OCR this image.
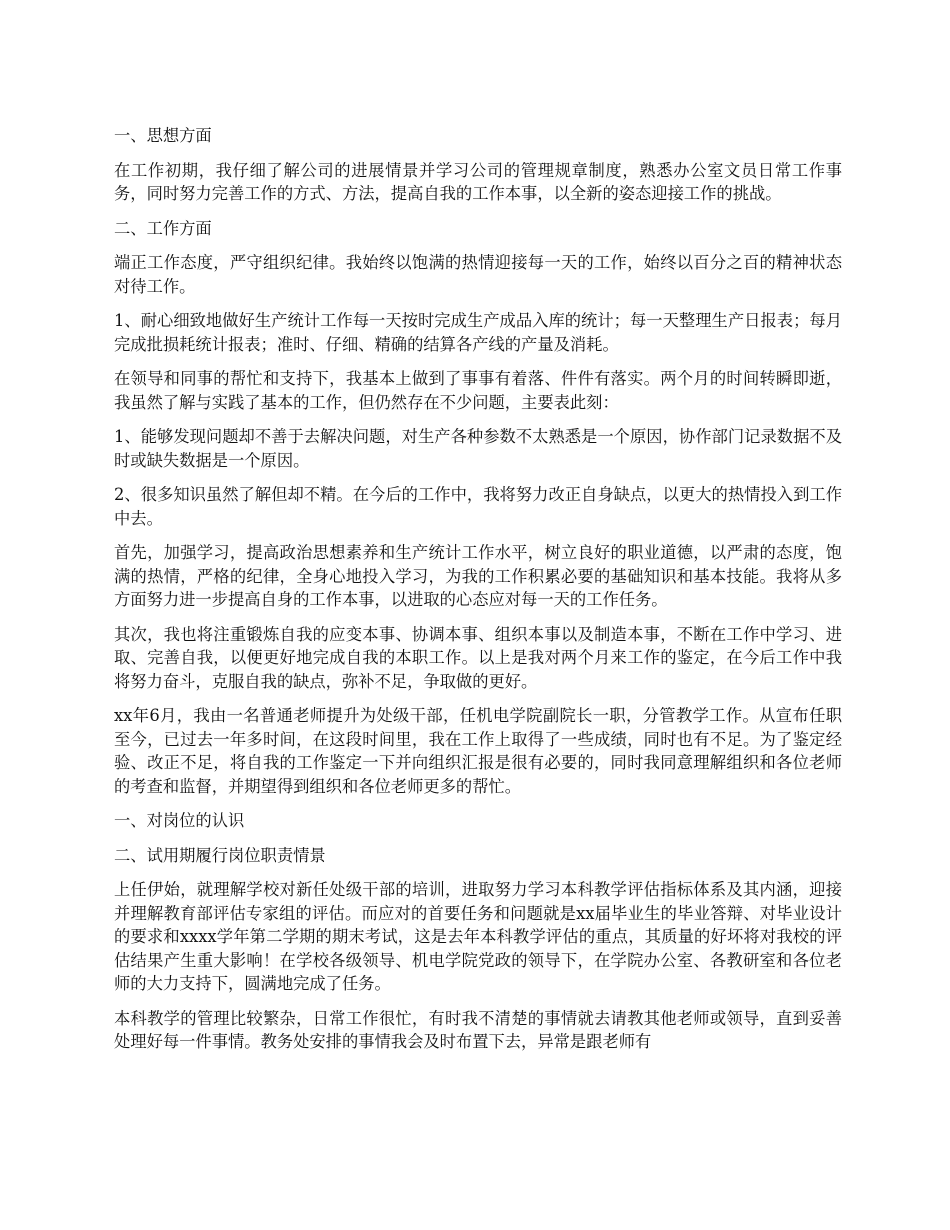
一、思想方面

在工作初期，我仔细了解公司的进展情景并学习公司的管理规章制度，熟悉办公室文员日常工作事务，同时努力完善工作的方式、方法，提高自我的工作本事，以全新的姿态迎接工作的挑战。

二、工作方面

端正工作态度，严守组织纪律。我始终以饱满的热情迎接每一天的工作，始终以百分之百的精神状态对待工作。

1、耐心细致地做好生产统计工作每一天按时完成生产成品入库的统计；每一天整理生产日报表；每月完成批损耗统计报表；准时、仔细、精确的结算各产线的产量及消耗。

在领导和同事的帮忙和支持下，我基本上做到了事事有着落、件件有落实。两个月的时间转瞬即逝，我虽然了解与实践了基本的工作，但仍然存在不少问题，主要表此刻：

1、能够发现问题却不善于去解决问题，对生产各种参数不太熟悉是一个原因，协作部门记录数据不及时或缺失数据是一个原因。

2、很多知识虽然了解但却不精。在今后的工作中，我将努力改正自身缺点，以更大的热情投入到工作中去。

首先，加强学习，提高政治思想素养和生产统计工作水平，树立良好的职业道德，以严肃的态度，饱满的热情，严格的纪律，全身心地投入学习，为我的工作积累必要的基础知识和基本技能。我将从多方面努力进一步提高自身的工作本事，以进取的心态应对每一天的工作任务。

其次，我也将注重锻炼自我的应变本事、协调本事、组织本事以及制造本事，不断在工作中学习、进取、完善自我，以便更好地完成自我的本职工作。以上是我对两个月来工作的鉴定，在今后工作中我将努力奋斗，克服自我的缺点，弥补不足，争取做的更好。

xx年6月，我由一名普通老师提升为处级干部，任机电学院副院长一职，分管教学工作。从宣布任职至今，已过去一年多时间，在这段时间里，我在工作上取得了一些成绩，同时也有不足。为了鉴定经验、改正不足，将自我的工作鉴定一下并向组织汇报是很有必要的，同时我同意理解组织和各位老师的考查和监督，并期望得到组织和各位老师更多的帮忙。

一、对岗位的认识

二、试用期履行岗位职责情景

上任伊始，就理解学校对新任处级干部的培训，进取努力学习本科教学评估指标体系及其内涵，迎接并理解教育部评估专家组的评估。而应对的首要任务和问题就是xx届毕业生的毕业答辩、对毕业设计的要求和xxxx学年第二学期的期末考试，这是去年本科教学评估的重点，其质量的好坏将对我校的评估结果产生重大影响！在学校各级领导、机电学院党政的领导下，在学院办公室、各教研室和各位老师的大力支持下，圆满地完成了任务。

本科教学的管理比较繁杂，日常工作很忙，有时我不清楚的事情就去请教其他老师或领导，直到妥善处理好每一件事情。教务处安排的事情我会及时布置下去，异常是跟老师有
